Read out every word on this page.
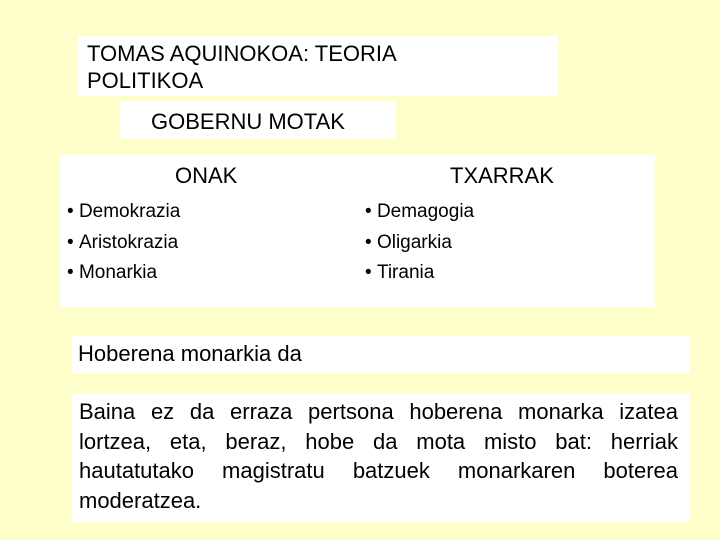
TOMAS AQUINOKOA: TEORIA
POLITIKOA
GOBERNU MOTAK
ONAK	TXARRAK
• Demokrazia
• Aristokrazia
• Monarkia
• Demagogia
• Oligarkia
• Tirania
Hoberena monarkia da
Baina ez da erraza pertsona hoberena monarka izatea
lortzea, eta, beraz, hobe da mota misto bat: herriak
hautatutako magistratu batzuek monarkaren boterea
moderatzea.
